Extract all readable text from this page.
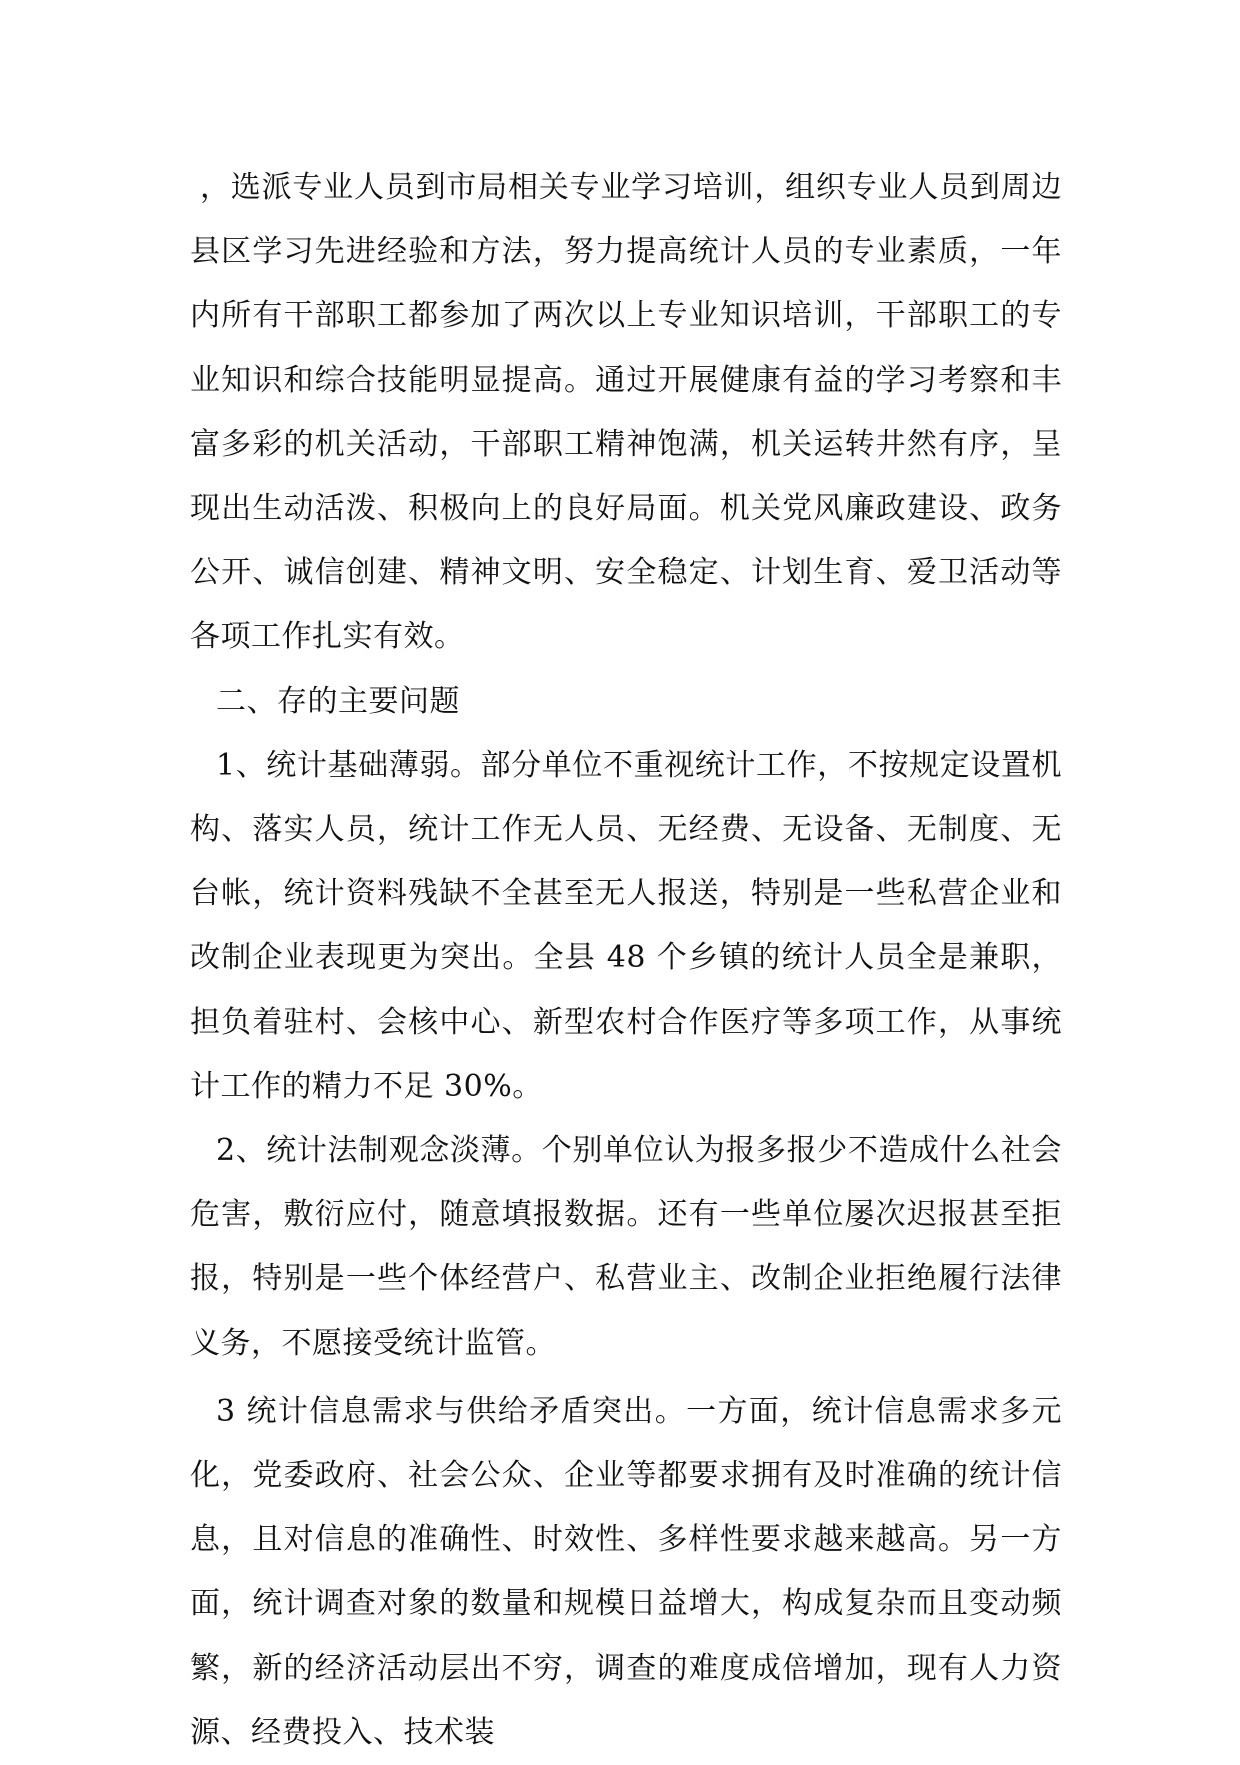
，选派专业人员到市局相关专业学习培训，组织专业人员到周边县区学习先进经验和方法，努力提高统计人员的专业素质，一年内所有干部职工都参加了两次以上专业知识培训，干部职工的专业知识和综合技能明显提高。通过开展健康有益的学习考察和丰富多彩的机关活动，干部职工精神饱满，机关运转井然有序，呈现出生动活泼、积极向上的良好局面。机关党风廉政建设、政务公开、诚信创建、精神文明、安全稳定、计划生育、爱卫活动等各项工作扎实有效。

二、存的主要问题

1、统计基础薄弱。部分单位不重视统计工作，不按规定设置机构、落实人员，统计工作无人员、无经费、无设备、无制度、无台帐，统计资料残缺不全甚至无人报送，特别是一些私营企业和改制企业表现更为突出。全县 48 个乡镇的统计人员全是兼职，担负着驻村、会核中心、新型农村合作医疗等多项工作，从事统计工作的精力不足 30%。

2、统计法制观念淡薄。个别单位认为报多报少不造成什么社会危害，敷衍应付，随意填报数据。还有一些单位屡次迟报甚至拒报，特别是一些个体经营户、私营业主、改制企业拒绝履行法律义务，不愿接受统计监管。

3 统计信息需求与供给矛盾突出。一方面，统计信息需求多元化，党委政府、社会公众、企业等都要求拥有及时准确的统计信息，且对信息的准确性、时效性、多样性要求越来越高。另一方面，统计调查对象的数量和规模日益增大，构成复杂而且变动频繁，新的经济活动层出不穷，调查的难度成倍增加，现有人力资源、经费投入、技术装
